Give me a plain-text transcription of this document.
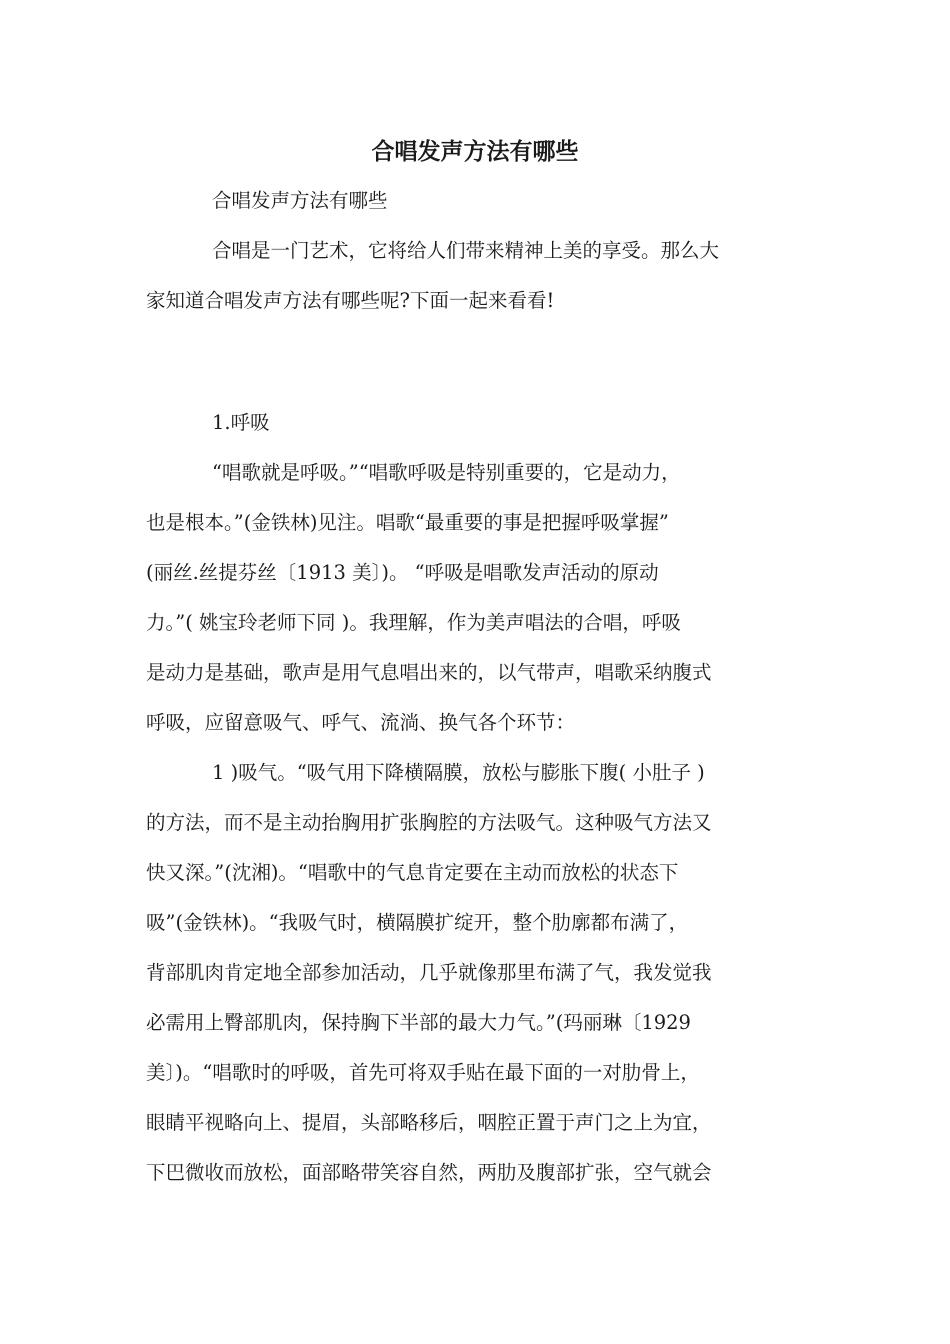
合唱发声方法有哪些
合唱发声方法有哪些
合唱是一门艺术，它将给人们带来精神上美的享受。那么大
家知道合唱发声方法有哪些呢?下面一起来看看!
1.呼吸
“唱歌就是呼吸。”“唱歌呼吸是特别重要的，它是动力，
也是根本。”(金铁林)见注。唱歌“最重要的事是把握呼吸掌握”
(丽丝.丝提芬丝〔1913 美〕)。 “呼吸是唱歌发声活动的原动
力。”( 姚宝玲老师下同 )。我理解，作为美声唱法的合唱，呼吸
是动力是基础，歌声是用气息唱出来的，以气带声，唱歌采纳腹式
呼吸，应留意吸气、呼气、流淌、换气各个环节：
1 )吸气。“吸气用下降横隔膜，放松与膨胀下腹( 小肚子 )
的方法，而不是主动抬胸用扩张胸腔的方法吸气。这种吸气方法又
快又深。”(沈湘)。“唱歌中的气息肯定要在主动而放松的状态下
吸”(金铁林)。“我吸气时，横隔膜扩绽开，整个肋廓都布满了，
背部肌肉肯定地全部参加活动，几乎就像那里布满了气，我发觉我
必需用上臀部肌肉，保持胸下半部的最大力气。”(玛丽琳〔1929
美〕)。“唱歌时的呼吸，首先可将双手贴在最下面的一对肋骨上，
眼睛平视略向上、提眉，头部略移后，咽腔正置于声门之上为宜，
下巴微收而放松，面部略带笑容自然，两肋及腹部扩张，空气就会
